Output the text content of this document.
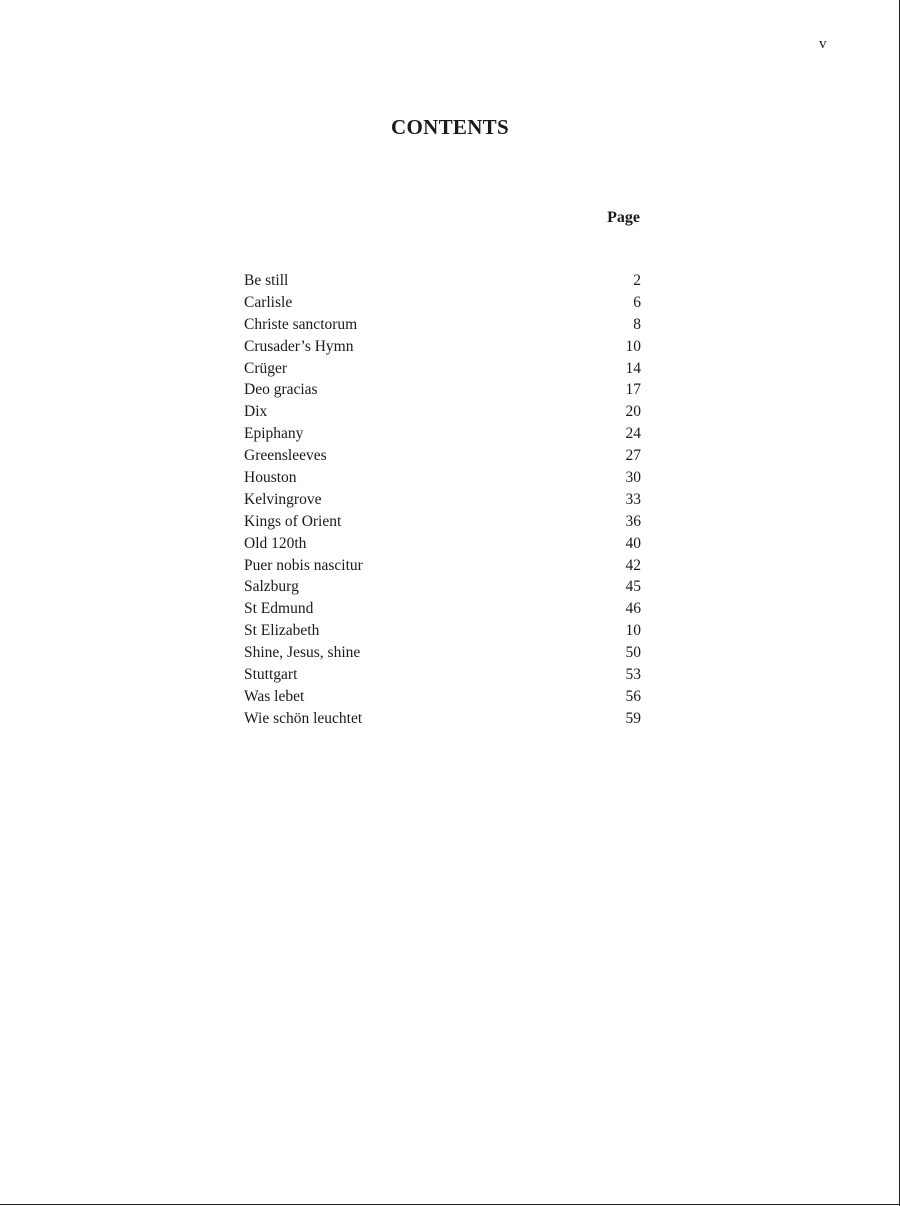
v
CONTENTS
Page
Be still	2
Carlisle	6
Christe sanctorum	8
Crusader’s Hymn	10
Crüger	14
Deo gracias	17
Dix	20
Epiphany	24
Greensleeves	27
Houston	30
Kelvingrove	33
Kings of Orient	36
Old 120th	40
Puer nobis nascitur	42
Salzburg	45
St Edmund	46
St Elizabeth	10
Shine, Jesus, shine	50
Stuttgart	53
Was lebet	56
Wie schön leuchtet	59
